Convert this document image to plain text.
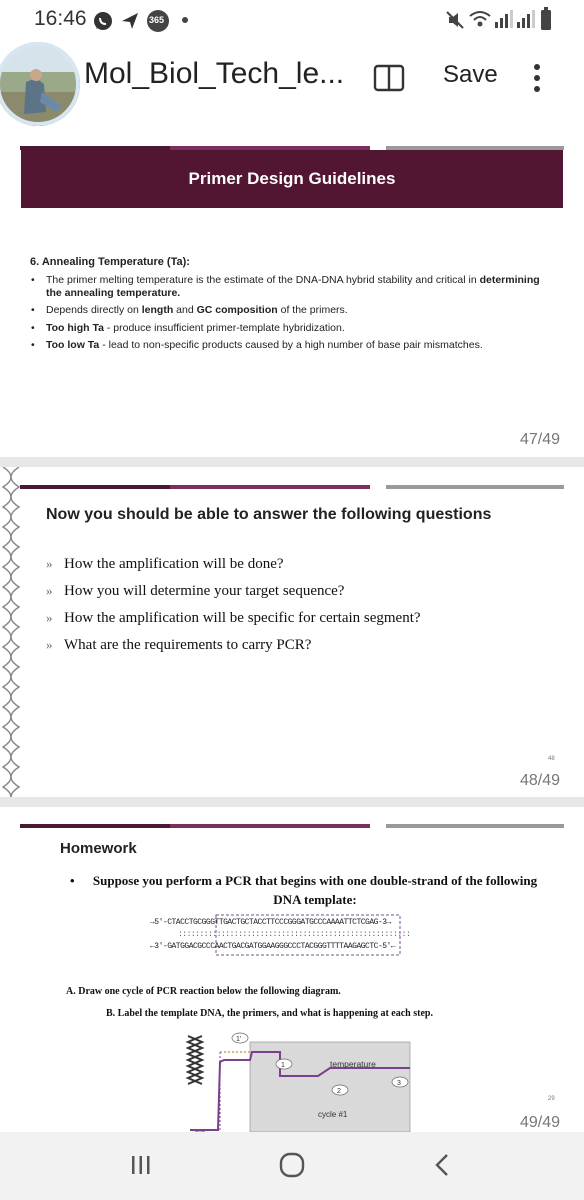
16:46	365
Mol_Biol_Tech_le...	Save
Primer Design Guidelines
6. Annealing Temperature (Ta):
• The primer melting temperature is the estimate of the DNA-DNA hybrid stability and critical in determining the annealing temperature.
• Depends directly on length and GC composition of the primers.
• Too high Ta - produce insufficient primer-template hybridization.
• Too low Ta - lead to non-specific products caused by a high number of base pair mismatches.
47/49
Now you should be able to answer the following questions
» How the amplification will be done?
» How you will determine your target sequence?
» How the amplification will be specific for certain segment?
» What are the requirements to carry PCR?
48
48/49
Homework
•	Suppose you perform a PCR that begins with one double-strand of the following DNA template:
→5'-CTACCTGCGGGTTGACTGCTACCTTCCCGGGATGCCCAAAATTCTCGAG-3→
::::::::::::::::::::::::::::::::::::::::::::::::::::::
←3'-GATGGACGCCCAACTGACGATGGAAGGGCCCTACGGGTTTTAAGAGCTC-5'←
A. Draw one cycle of PCR reaction below the following diagram.
B. Label the template DNA, the primers, and what is happening at each step.
1'
1
2
3
temperature
cycle #1
29
49/49
